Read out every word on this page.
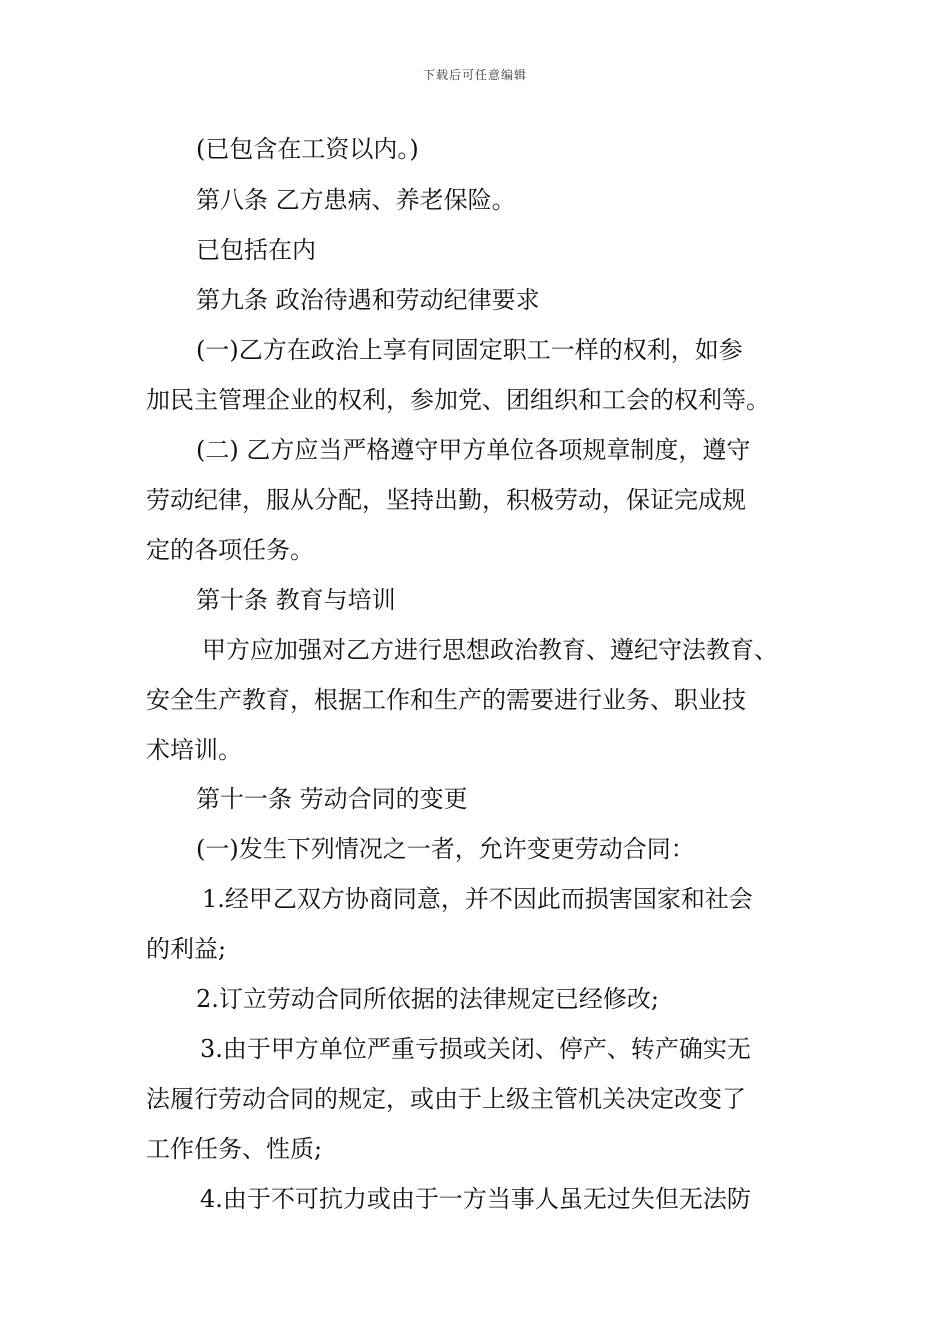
下载后可任意编辑
(已包含在工资以内。)
第八条 乙方患病、养老保险。
已包括在内
第九条 政治待遇和劳动纪律要求
(一)乙方在政治上享有同固定职工一样的权利，如参
加民主管理企业的权利，参加党、团组织和工会的权利等。
(二) 乙方应当严格遵守甲方单位各项规章制度，遵守
劳动纪律，服从分配，坚持出勤，积极劳动，保证完成规
定的各项任务。
第十条 教育与培训
甲方应加强对乙方进行思想政治教育、遵纪守法教育、
安全生产教育，根据工作和生产的需要进行业务、职业技
术培训。
第十一条 劳动合同的变更
(一)发生下列情况之一者，允许变更劳动合同：
1.经甲乙双方协商同意，并不因此而损害国家和社会
的利益;
2.订立劳动合同所依据的法律规定已经修改;
3.由于甲方单位严重亏损或关闭、停产、转产确实无
法履行劳动合同的规定，或由于上级主管机关决定改变了
工作任务、性质;
4.由于不可抗力或由于一方当事人虽无过失但无法防
